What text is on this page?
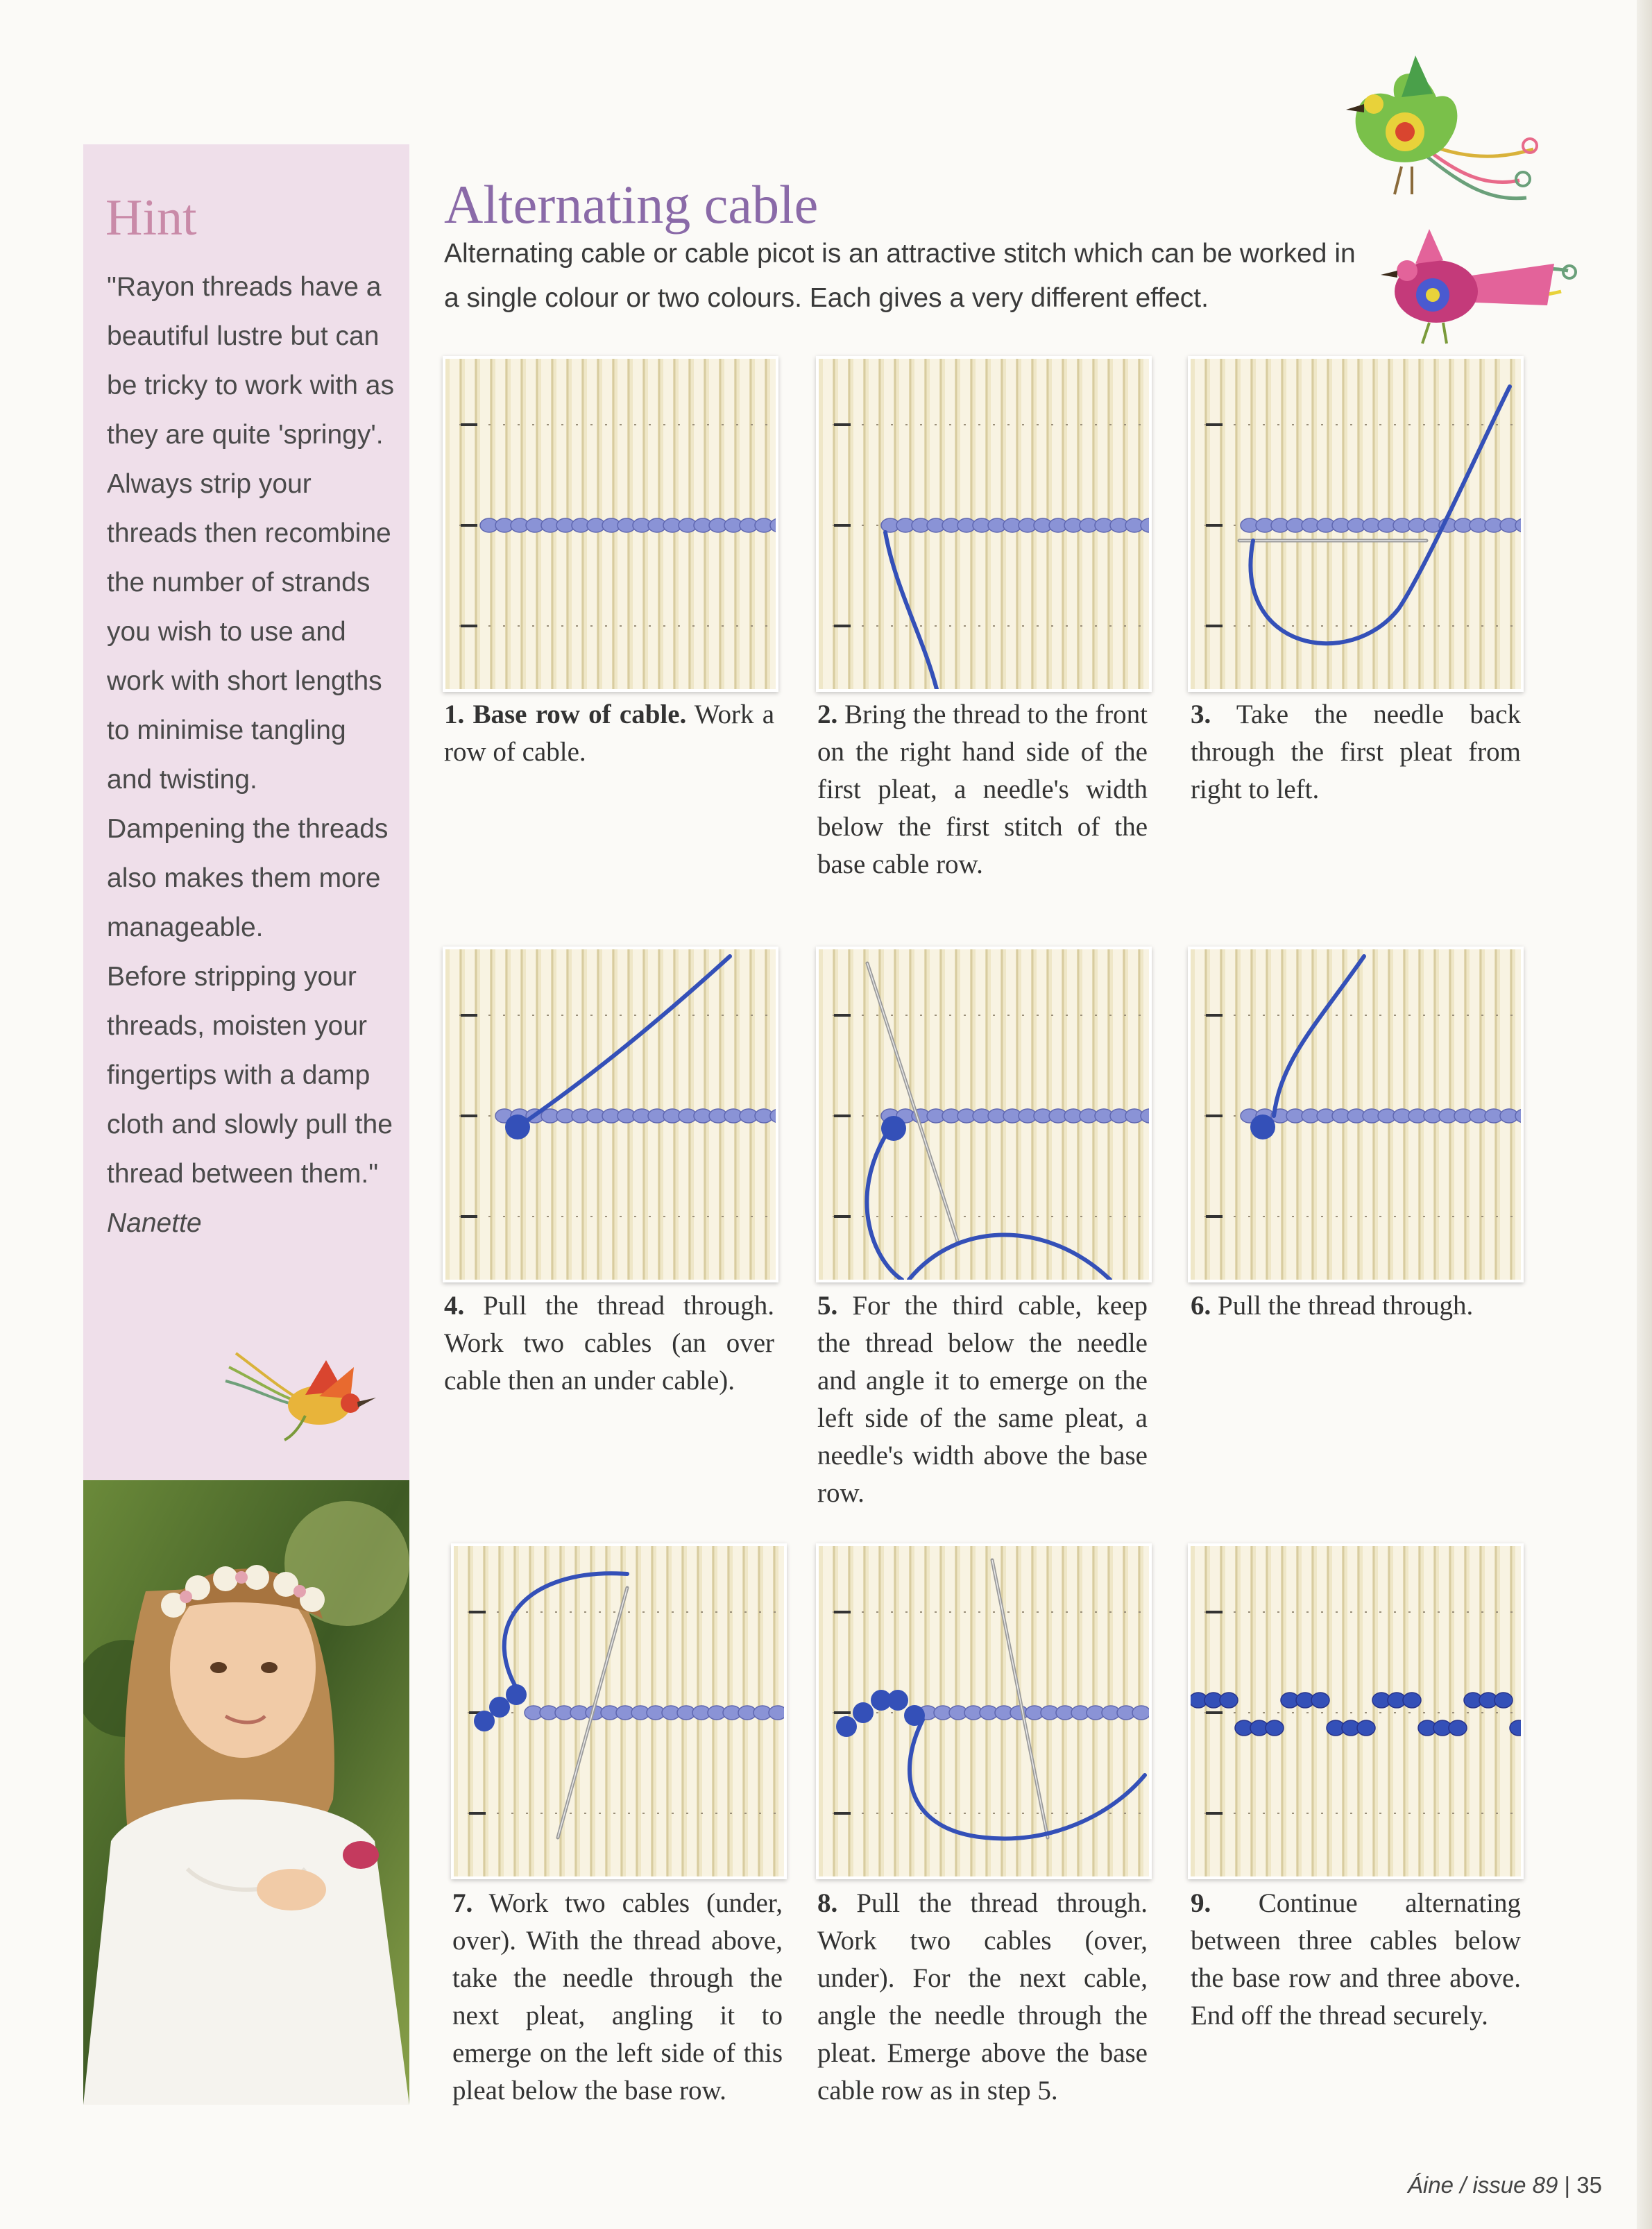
Hint

"Rayon threads have a beautiful lustre but can be tricky to work with as they are quite 'springy'. Always strip your threads then recombine the number of strands you wish to use and work with short lengths to minimise tangling and twisting. Dampening the threads also makes them more manageable.

Before stripping your threads, moisten your fingertips with a damp cloth and slowly pull the thread between them."

Nanette

Alternating cable
Alternating cable or cable picot is an attractive stitch which can be worked in a single colour or two colours. Each gives a very different effect.
1. Base row of cable. Work a row of cable.
2. Bring the thread to the front on the right hand side of the first pleat, a needle's width below the first stitch of the base cable row.
3. Take the needle back through the first pleat from right to left.
4. Pull the thread through. Work two cables (an over cable then an under cable).
5. For the third cable, keep the thread below the needle and angle it to emerge on the left side of the same pleat, a needle's width above the base row.
6. Pull the thread through.
7. Work two cables (under, over). With the thread above, take the needle through the next pleat, angling it to emerge on the left side of this pleat below the base row.
8. Pull the thread through. Work two cables (over, under). For the next cable, angle the needle through the pleat. Emerge above the base cable row as in step 5.
9. Continue alternating between three cables below the base row and three above. End off the thread securely.
Áine / issue 89 | 35
